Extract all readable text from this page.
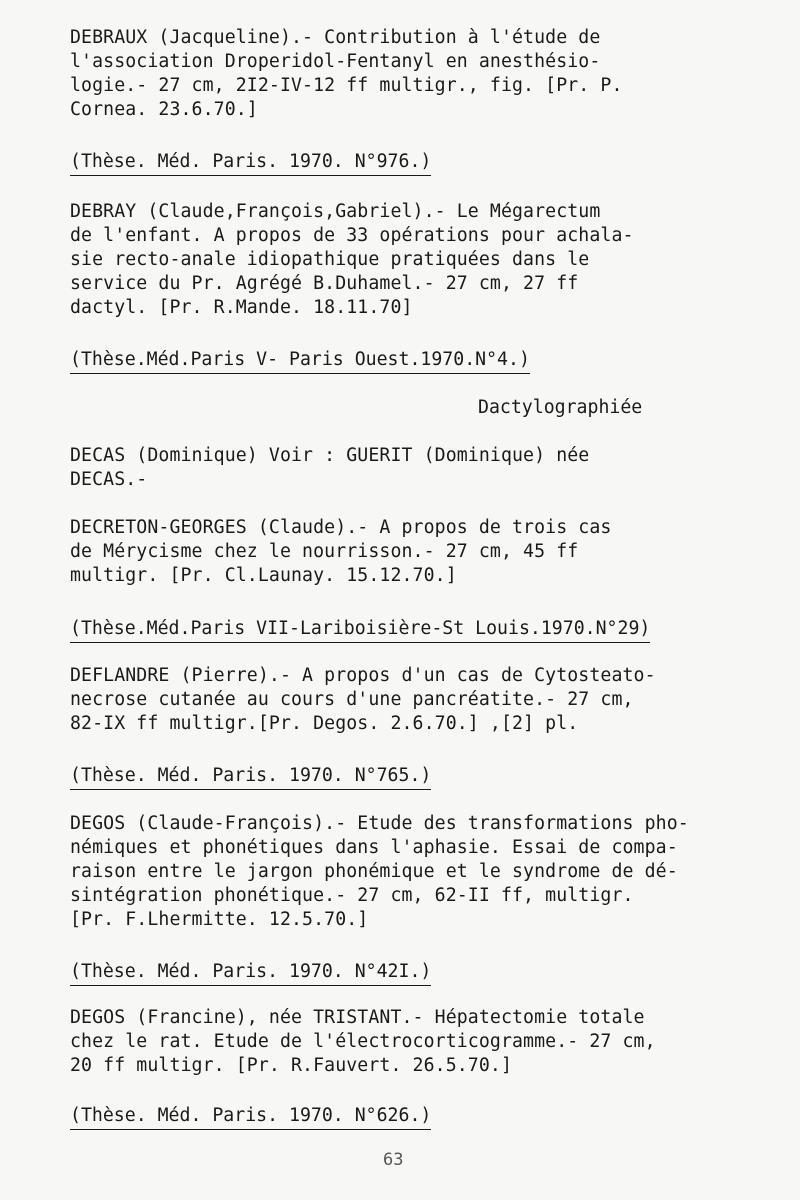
DEBRAUX (Jacqueline).- Contribution à l'étude de
l'association Droperidol-Fentanyl en anesthésio-
logie.- 27 cm, 2I2-IV-12 ff multigr., fig. [Pr. P.
Cornea. 23.6.70.]
(Thèse. Méd. Paris. 1970. N°976.)
DEBRAY (Claude,François,Gabriel).- Le Mégarectum
de l'enfant. A propos de 33 opérations pour achala-
sie recto-anale idiopathique pratiquées dans le
service du Pr. Agrégé B.Duhamel.- 27 cm, 27 ff
dactyl. [Pr. R.Mande. 18.11.70]
(Thèse.Méd.Paris V- Paris Ouest.1970.N°4.)
Dactylographiée
DECAS (Dominique) Voir : GUERIT (Dominique) née
DECAS.-
DECRETON-GEORGES (Claude).- A propos de trois cas
de Mérycisme chez le nourrisson.- 27 cm, 45 ff
multigr. [Pr. Cl.Launay. 15.12.70.]
(Thèse.Méd.Paris VII-Lariboisière-St Louis.1970.N°29)
DEFLANDRE (Pierre).- A propos d'un cas de Cytosteato-
necrose cutanée au cours d'une pancréatite.- 27 cm,
82-IX ff multigr.[Pr. Degos. 2.6.70.] ,[2] pl.
(Thèse. Méd. Paris. 1970. N°765.)
DEGOS (Claude-François).- Etude des transformations pho-
némiques et phonétiques dans l'aphasie. Essai de compa-
raison entre le jargon phonémique et le syndrome de dé-
sintégration phonétique.- 27 cm, 62-II ff, multigr.
[Pr. F.Lhermitte. 12.5.70.]
(Thèse. Méd. Paris. 1970. N°42I.)
DEGOS (Francine), née TRISTANT.- Hépatectomie totale
chez le rat. Etude de l'électrocorticogramme.- 27 cm,
20 ff multigr. [Pr. R.Fauvert. 26.5.70.]
(Thèse. Méd. Paris. 1970. N°626.)
63
